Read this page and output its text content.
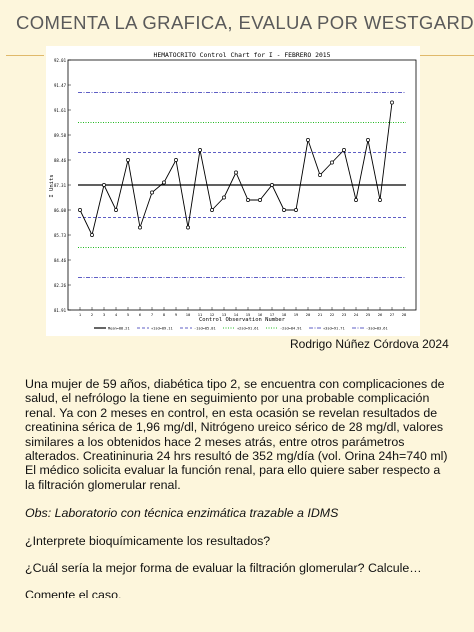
COMENTA LA GRAFICA, EVALUA POR WESTGARD
HEMATOCRITO Control Chart for I - FEBRERO 2015
81.91
82.26
84.46
85.73
86.08
87.31
88.46
89.58
91.61
91.47
92.01
1	2	3	4	5	6	7	8	9 10 11 12 13 14 15 16 17 18 19 20 21 22 23 24 25 26 27 28
I Units
Control Observation Number
Mean=88.21	+1sd=89.11	-1sd=85.81	+2sd=91.61	-2sd=84.91	+3sd=91.71	-3sd=83.61
Rodrigo Núñez Córdova 2024

Una mujer de 59 años, diabética tipo 2, se encuentra con complicaciones de salud, el nefrólogo la tiene en seguimiento por una probable complicación renal. Ya con 2 meses en control, en esta ocasión se revelan resultados de creatinina sérica de 1,96 mg/dl, Nitrógeno ureico sérico de 28 mg/dl, valores similares a los obtenidos hace 2 meses atrás, entre otros parámetros alterados. Creatininuria 24 hrs resultó de 352 mg/día (vol. Orina 24h=740 ml) El médico solicita evaluar la función renal, para ello quiere saber respecto a la filtración glomerular renal.

Obs: Laboratorio con técnica enzimática trazable a IDMS

¿Interprete bioquímicamente los resultados?

¿Cuál sería la mejor forma de evaluar la filtración glomerular? Calcule…

Comente el caso.
